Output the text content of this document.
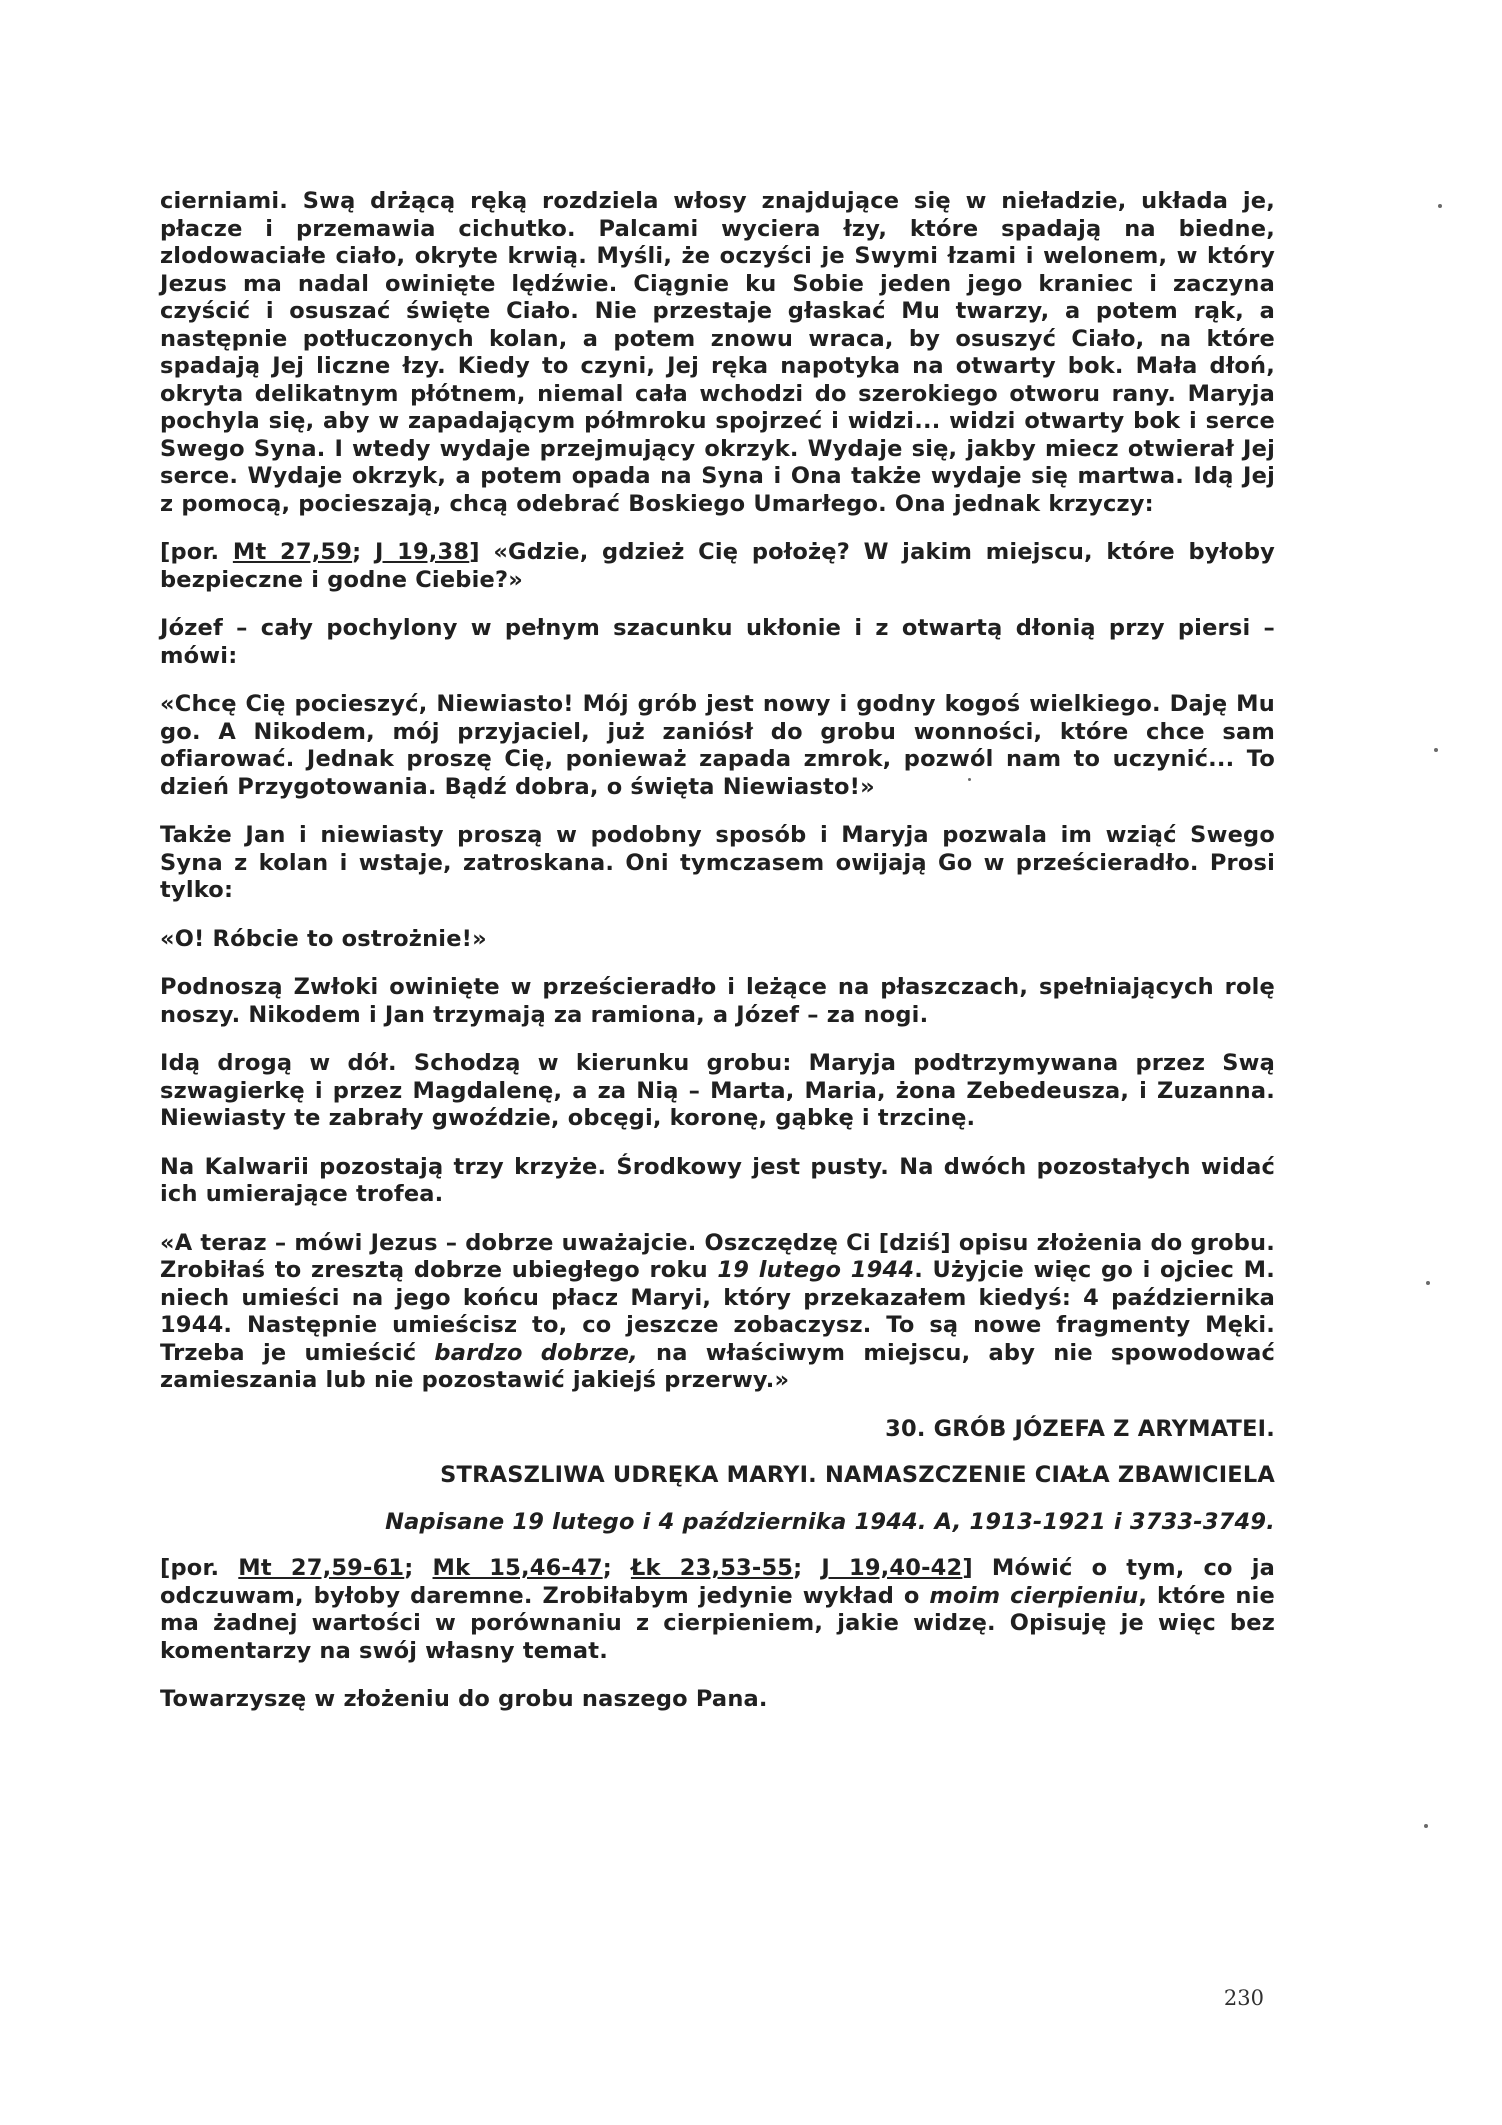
cierniami. Swą drżącą ręką rozdziela włosy znajdujące się w nieładzie, układa je, płacze i przemawia cichutko. Palcami wyciera łzy, które spadają na biedne, zlodowaciałe ciało, okryte krwią. Myśli, że oczyści je Swymi łzami i welonem, w który Jezus ma nadal owinięte lędźwie. Ciągnie ku Sobie jeden jego kraniec i zaczyna czyścić i osuszać święte Ciało. Nie przestaje głaskać Mu twarzy, a potem rąk, a następnie potłuczonych kolan, a potem znowu wraca, by osuszyć Ciało, na które spadają Jej liczne łzy. Kiedy to czyni, Jej ręka napotyka na otwarty bok. Mała dłoń, okryta delikatnym płótnem, niemal cała wchodzi do szerokiego otworu rany. Maryja pochyla się, aby w zapadającym półmroku spojrzeć i widzi... widzi otwarty bok i serce Swego Syna. I wtedy wydaje przejmujący okrzyk. Wydaje się, jakby miecz otwierał Jej serce. Wydaje okrzyk, a potem opada na Syna i Ona także wydaje się martwa. Idą Jej z pomocą, pocieszają, chcą odebrać Boskiego Umarłego. Ona jednak krzyczy:

[por. Mt 27,59; J 19,38] «Gdzie, gdzież Cię położę? W jakim miejscu, które byłoby bezpieczne i godne Ciebie?»

Józef – cały pochylony w pełnym szacunku ukłonie i z otwartą dłonią przy piersi – mówi:

«Chcę Cię pocieszyć, Niewiasto! Mój grób jest nowy i godny kogoś wielkiego. Daję Mu go. A Nikodem, mój przyjaciel, już zaniósł do grobu wonności, które chce sam ofiarować. Jednak proszę Cię, ponieważ zapada zmrok, pozwól nam to uczynić... To dzień Przygotowania. Bądź dobra, o święta Niewiasto!»

Także Jan i niewiasty proszą w podobny sposób i Maryja pozwala im wziąć Swego Syna z kolan i wstaje, zatroskana. Oni tymczasem owijają Go w prześcieradło. Prosi tylko:

«O! Róbcie to ostrożnie!»

Podnoszą Zwłoki owinięte w prześcieradło i leżące na płaszczach, spełniających rolę noszy. Nikodem i Jan trzymają za ramiona, a Józef – za nogi.

Idą drogą w dół. Schodzą w kierunku grobu: Maryja podtrzymywana przez Swą szwagierkę i przez Magdalenę, a za Nią – Marta, Maria, żona Zebedeusza, i Zuzanna. Niewiasty te zabrały gwoździe, obcęgi, koronę, gąbkę i trzcinę.

Na Kalwarii pozostają trzy krzyże. Środkowy jest pusty. Na dwóch pozostałych widać ich umierające trofea.

«A teraz – mówi Jezus – dobrze uważajcie. Oszczędzę Ci [dziś] opisu złożenia do grobu. Zrobiłaś to zresztą dobrze ubiegłego roku 19 lutego 1944. Użyjcie więc go i ojciec M. niech umieści na jego końcu płacz Maryi, który przekazałem kiedyś: 4 października 1944. Następnie umieścisz to, co jeszcze zobaczysz. To są nowe fragmenty Męki. Trzeba je umieścić bardzo dobrze, na właściwym miejscu, aby nie spowodować zamieszania lub nie pozostawić jakiejś przerwy.»

30. GRÓB JÓZEFA Z ARYMATEI.
STRASZLIWA UDRĘKA MARYI. NAMASZCZENIE CIAŁA ZBAWICIELA
Napisane 19 lutego i 4 października 1944. A, 1913-1921 i 3733-3749.

[por. Mt 27,59-61; Mk 15,46-47; Łk 23,53-55; J 19,40-42] Mówić o tym, co ja odczuwam, byłoby daremne. Zrobiłabym jedynie wykład o moim cierpieniu, które nie ma żadnej wartości w porównaniu z cierpieniem, jakie widzę. Opisuję je więc bez komentarzy na swój własny temat.

Towarzyszę w złożeniu do grobu naszego Pana.

230
